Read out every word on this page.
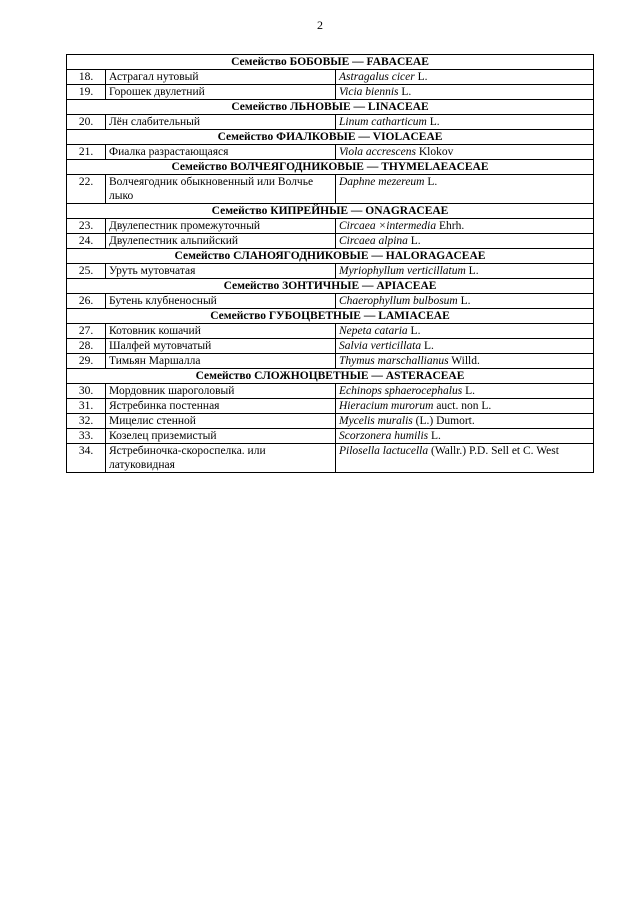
2
Семейство БОБОВЫЕ — FABACEAE		
18.	Астрагал нутовый	Astragalus cicer L.
19.	Горошек двулетний	Vicia biennis L.
Семейство ЛЬНОВЫЕ — LINACEAE		
20.	Лён слабительный	Linum catharticum L.
Семейство ФИАЛКОВЫЕ — VIOLACEAE		
21.	Фиалка разрастающаяся	Viola accrescens Klokov
Семейство ВОЛЧЕЯГОДНИКОВЫЕ — THYMELAEACEAE		
22.	Волчеягодник обыкновенный или Волчье лыко	Daphne mezereum L.
Семейство КИПРЕЙНЫЕ — ONAGRACEAE		
23.	Двулепестник промежуточный	Circaea ×intermedia Ehrh.
24.	Двулепестник альпийский	Circaea alpina L.
Семейство СЛАНОЯГОДНИКОВЫЕ — HALORAGACEAE		
25.	Уруть мутовчатая	Myriophyllum verticillatum L.
Семейство ЗОНТИЧНЫЕ — APIACEAE		
26.	Бутень клубненосный	Chaerophyllum bulbosum L.
Семейство ГУБОЦВЕТНЫЕ — LAMIACEAE		
27.	Котовник кошачий	Nepeta cataria L.
28.	Шалфей мутовчатый	Salvia verticillata L.
29.	Тимьян Маршалла	Thymus marschallianus Willd.
Семейство СЛОЖНОЦВЕТНЫЕ — ASTERACEAE		
30.	Мордовник шароголовый	Echinops sphaerocephalus L.
31.	Ястребинка постенная	Hieracium murorum auct. non L.
32.	Мицелис стенной	Mycelis muralis (L.) Dumort.
33.	Козелец приземистый	Scorzonera humilis L.
34.	Ястребиночка-скороспелка. или латуковидная	Pilosella lactucella (Wallr.) P.D. Sell et C. West
